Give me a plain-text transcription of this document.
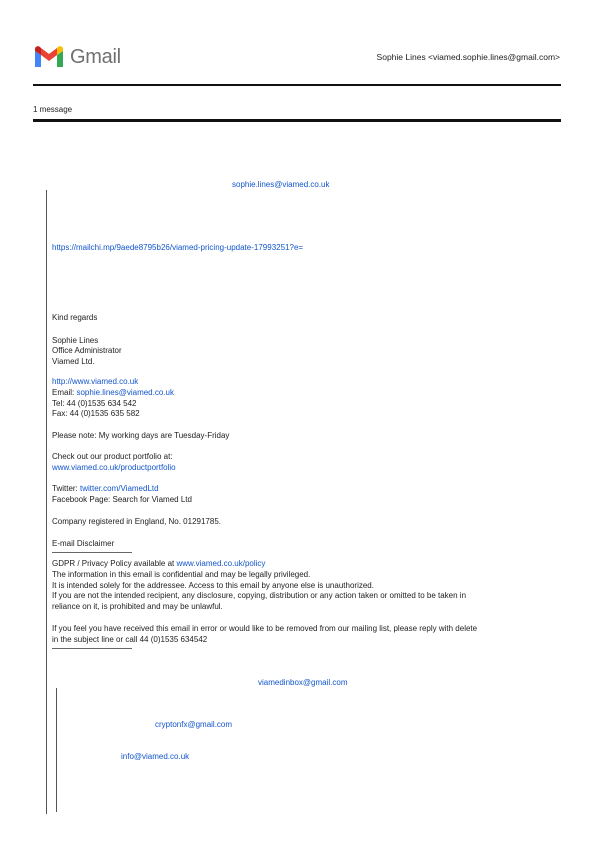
Gmail	Sophie Lines <viamed.sophie.lines@gmail.com>
1 message
sophie.lines@viamed.co.uk
https://mailchi.mp/9aede8795b26/viamed-pricing-update-17993251?e=
Kind regards
Sophie Lines
Office Administrator
Viamed Ltd.
http://www.viamed.co.uk
Email: sophie.lines@viamed.co.uk
Tel: 44 (0)1535 634 542
Fax: 44 (0)1535 635 582
Please note: My working days are Tuesday-Friday
Check out our product portfolio at:
www.viamed.co.uk/productportfolio
Twitter: twitter.com/ViamedLtd
Facebook Page: Search for Viamed Ltd
Company registered in England, No. 01291785.
E-mail Disclaimer
GDPR / Privacy Policy available at www.viamed.co.uk/policy
The information in this email is confidential and may be legally privileged.
It is intended solely for the addressee. Access to this email by anyone else is unauthorized.
If you are not the intended recipient, any disclosure, copying, distribution or any action taken or omitted to be taken in
reliance on it, is prohibited and may be unlawful.
If you feel you have received this email in error or would like to be removed from our mailing list, please reply with delete
in the subject line or call 44 (0)1535 634542
viamedinbox@gmail.com
cryptonfx@gmail.com
info@viamed.co.uk
